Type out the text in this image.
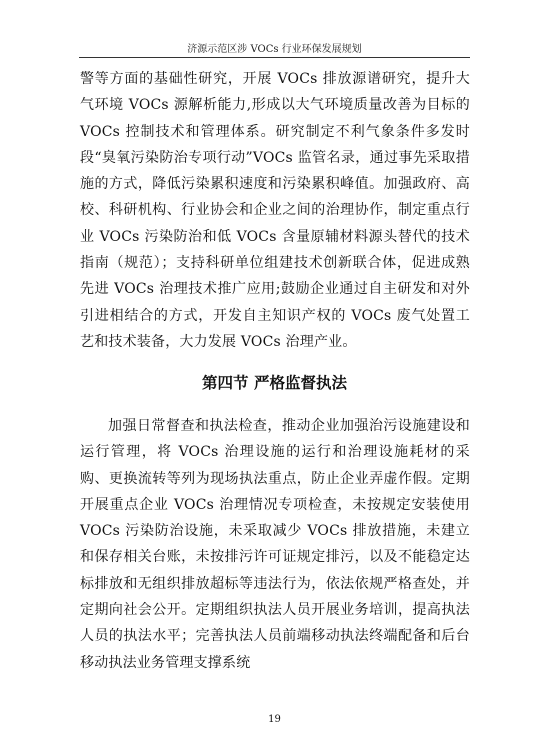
济源示范区涉 VOCs 行业环保发展规划

警等方面的基础性研究，开展 VOCs 排放源谱研究，提升大气环境 VOCs 源解析能力,形成以大气环境质量改善为目标的 VOCs 控制技术和管理体系。研究制定不利气象条件多发时段“臭氧污染防治专项行动”VOCs 监管名录，通过事先采取措施的方式，降低污染累积速度和污染累积峰值。加强政府、高校、科研机构、行业协会和企业之间的治理协作，制定重点行业 VOCs 污染防治和低 VOCs 含量原辅材料源头替代的技术指南（规范）；支持科研单位组建技术创新联合体，促进成熟先进 VOCs 治理技术推广应用;鼓励企业通过自主研发和对外引进相结合的方式，开发自主知识产权的 VOCs 废气处置工艺和技术装备，大力发展 VOCs 治理产业。

第四节 严格监督执法

加强日常督查和执法检查，推动企业加强治污设施建设和运行管理，将 VOCs 治理设施的运行和治理设施耗材的采购、更换流转等列为现场执法重点，防止企业弄虚作假。定期开展重点企业 VOCs 治理情况专项检查，未按规定安装使用 VOCs 污染防治设施，未采取减少 VOCs 排放措施，未建立和保存相关台账，未按排污许可证规定排污，以及不能稳定达标排放和无组织排放超标等违法行为，依法依规严格查处，并定期向社会公开。定期组织执法人员开展业务培训，提高执法人员的执法水平；完善执法人员前端移动执法终端配备和后台移动执法业务管理支撑系统

19
